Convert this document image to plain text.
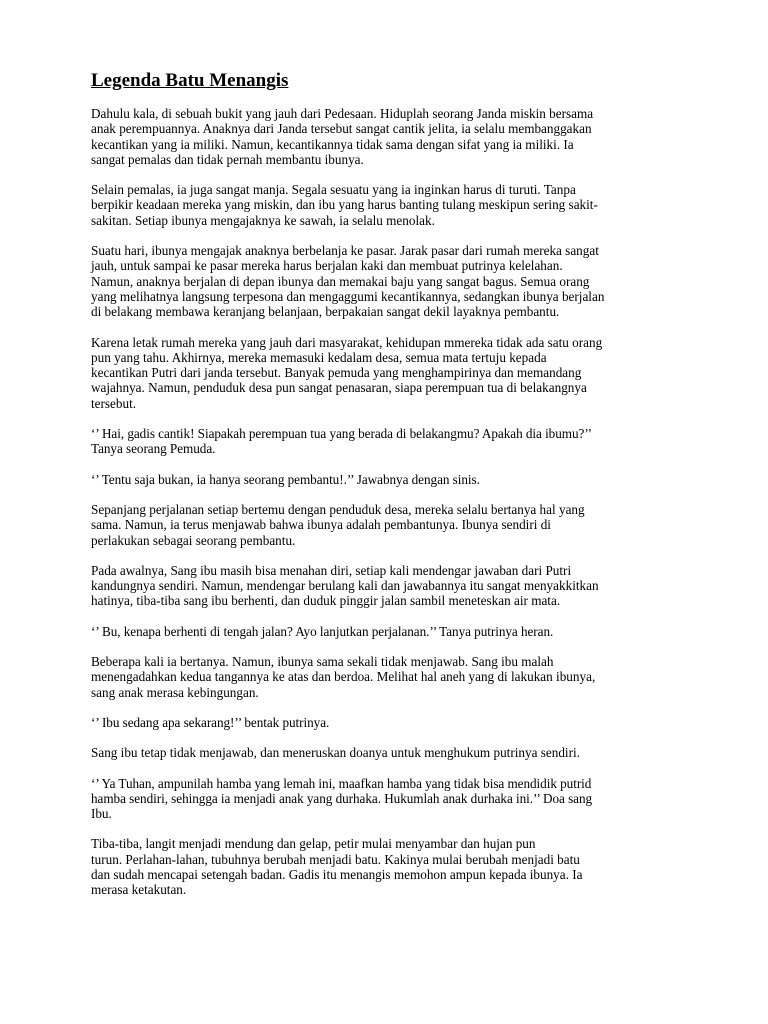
Legenda Batu Menangis

Dahulu kala, di sebuah bukit yang jauh dari Pedesaan. Hiduplah seorang Janda miskin bersama
anak perempuannya. Anaknya dari Janda tersebut sangat cantik jelita, ia selalu membanggakan
kecantikan yang ia miliki. Namun, kecantikannya tidak sama dengan sifat yang ia miliki. Ia
sangat pemalas dan tidak pernah membantu ibunya.

Selain pemalas, ia juga sangat manja. Segala sesuatu yang ia inginkan harus di turuti. Tanpa
berpikir keadaan mereka yang miskin, dan ibu yang harus banting tulang meskipun sering sakit-
sakitan. Setiap ibunya mengajaknya ke sawah, ia selalu menolak.

Suatu hari, ibunya mengajak anaknya berbelanja ke pasar. Jarak pasar dari rumah mereka sangat
jauh, untuk sampai ke pasar mereka harus berjalan kaki dan membuat putrinya kelelahan.
Namun, anaknya berjalan di depan ibunya dan memakai baju yang sangat bagus. Semua orang
yang melihatnya langsung terpesona dan mengaggumi kecantikannya, sedangkan ibunya berjalan
di belakang membawa keranjang belanjaan, berpakaian sangat dekil layaknya pembantu.

Karena letak rumah mereka yang jauh dari masyarakat, kehidupan mmereka tidak ada satu orang
pun yang tahu. Akhirnya, mereka memasuki kedalam desa, semua mata tertuju kepada
kecantikan Putri dari janda tersebut. Banyak pemuda yang menghampirinya dan memandang
wajahnya. Namun, penduduk desa pun sangat penasaran, siapa perempuan tua di belakangnya
tersebut.

‘’ Hai, gadis cantik! Siapakah perempuan tua yang berada di belakangmu? Apakah dia ibumu?’’
Tanya seorang Pemuda.

‘’ Tentu saja bukan, ia hanya seorang pembantu!.’’ Jawabnya dengan sinis.

Sepanjang perjalanan setiap bertemu dengan penduduk desa, mereka selalu bertanya hal yang
sama. Namun, ia terus menjawab bahwa ibunya adalah pembantunya. Ibunya sendiri di
perlakukan sebagai seorang pembantu.

Pada awalnya, Sang ibu masih bisa menahan diri, setiap kali mendengar jawaban dari Putri
kandungnya sendiri. Namun, mendengar berulang kali dan jawabannya itu sangat menyakkitkan
hatinya, tiba-tiba sang ibu berhenti, dan duduk pinggir jalan sambil meneteskan air mata.

‘’ Bu, kenapa berhenti di tengah jalan? Ayo lanjutkan perjalanan.’’ Tanya putrinya heran.

Beberapa kali ia bertanya. Namun, ibunya sama sekali tidak menjawab. Sang ibu malah
menengadahkan kedua tangannya ke atas dan berdoa. Melihat hal aneh yang di lakukan ibunya,
sang anak merasa kebingungan.

‘’ Ibu sedang apa sekarang!’’ bentak putrinya.

Sang ibu tetap tidak menjawab, dan meneruskan doanya untuk menghukum putrinya sendiri.

‘’ Ya Tuhan, ampunilah hamba yang lemah ini, maafkan hamba yang tidak bisa mendidik putrid
hamba sendiri, sehingga ia menjadi anak yang durhaka. Hukumlah anak durhaka ini.’’ Doa sang
Ibu.

Tiba-tiba, langit menjadi mendung dan gelap, petir mulai menyambar dan hujan pun
turun. Perlahan-lahan, tubuhnya berubah menjadi batu. Kakinya mulai berubah menjadi batu
dan sudah mencapai setengah badan. Gadis itu menangis memohon ampun kepada ibunya. Ia
merasa ketakutan.
